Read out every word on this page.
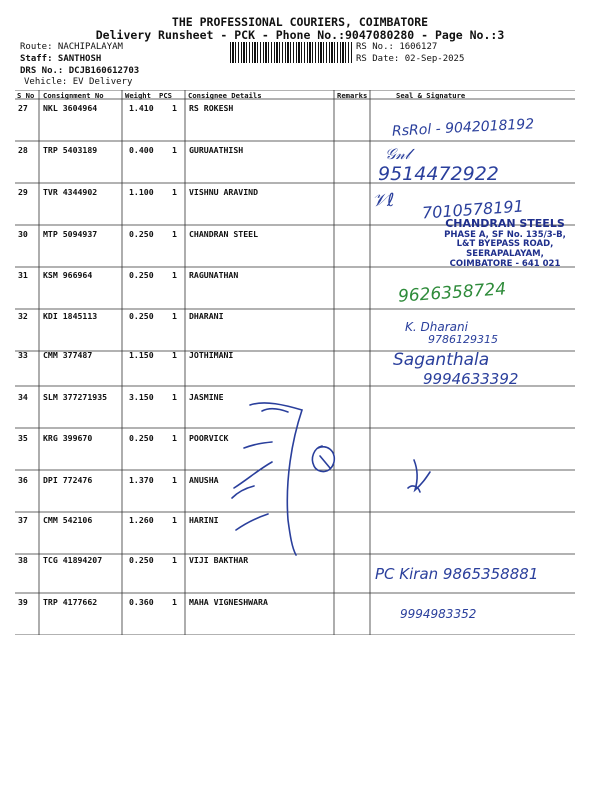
THE PROFESSIONAL COURIERS, COIMBATORE
Delivery Runsheet - PCK - Phone No.:9047080280 - Page No.:3
Route: NACHIPALAYAM
Staff: SANTHOSH
DRS No.: DCJB160612703
Vehicle: EV Delivery
RS No.: 1606127
RS Date: 02-Sep-2025
S No Consignment No	Weight PCS Consignee Details	Remarks	Seal & Signature
27 NKL 3604964	1.410 1 RS ROKESH
28 TRP 5403189	0.400 1 GURUAATHISH
29 TVR 4344902	1.100 1 VISHNU ARAVIND
30 MTP 5094937	0.250 1 CHANDRAN STEEL
31 KSM 966964	0.250 1 RAGUNATHAN
32 KDI 1845113	0.250 1 DHARANI
33 CMM 377487	1.150 1 JOTHIMANI
34 SLM 377271935	3.150 1 JASMINE
35 KRG 399670	0.250 1 POORVICK
36 DPI 772476	1.370 1 ANUSHA
37 CMM 542106	1.260 1 HARINI
38 TCG 41894207	0.250 1 VIJI BAKTHAR
39 TRP 4177662	0.360 1 MAHA VIGNESHWARA
RsRol - 9042018192
𝒢𝓃𝓁
9514472922
𝒱ℓ 7010578191
CHANDRAN STEELS
PHASE A, SF No. 135/3-B,
L&T BYEPASS ROAD,
SEERAPALAYAM,
COIMBATORE - 641 021
9626358724
K. Dharani
9786129315
Saganthala
9994633392
PC Kiran 9865358881
9994983352
